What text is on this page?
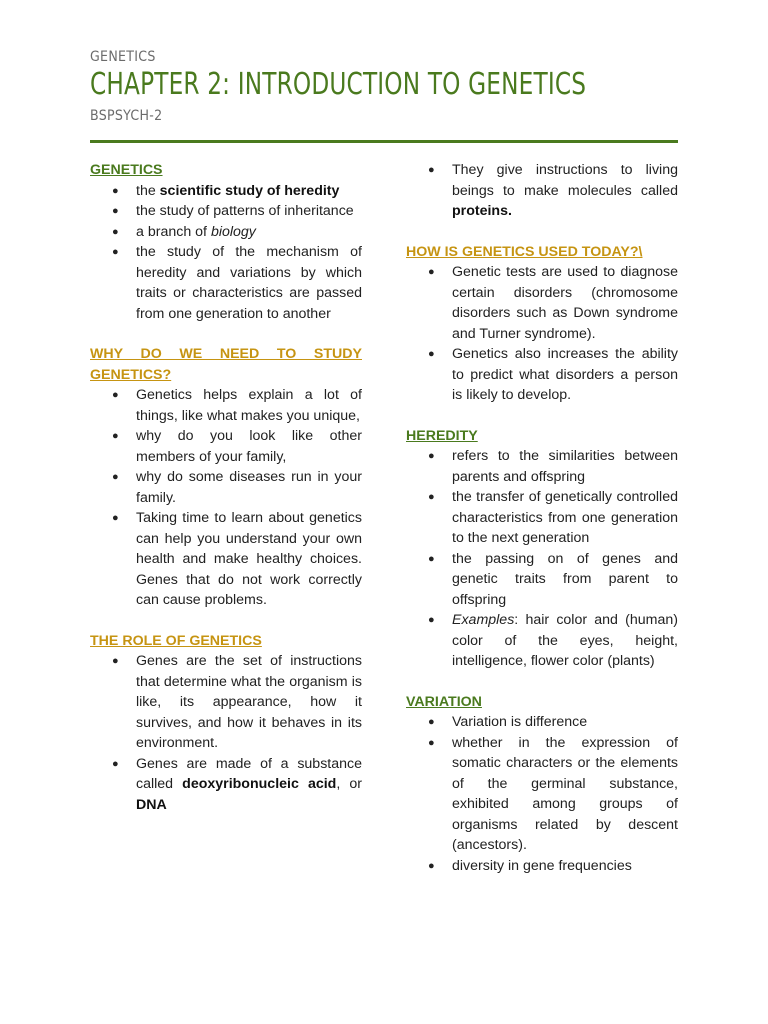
GENETICS
CHAPTER 2: INTRODUCTION TO GENETICS
BSPSYCH-2
GENETICS
● the scientific study of heredity
● the study of patterns of inheritance
● a branch of biology
● the study of the mechanism of heredity and variations by which traits or characteristics are passed from one generation to another
WHY DO WE NEED TO STUDY GENETICS?
● Genetics helps explain a lot of things, like what makes you unique,
● why do you look like other members of your family,
● why do some diseases run in your family.
● Taking time to learn about genetics can help you understand your own health and make healthy choices. Genes that do not work correctly can cause problems.
THE ROLE OF GENETICS
● Genes are the set of instructions that determine what the organism is like, its appearance, how it survives, and how it behaves in its environment.
● Genes are made of a substance called deoxyribonucleic acid, or DNA
● They give instructions to living beings to make molecules called proteins.
HOW IS GENETICS USED TODAY?\
● Genetic tests are used to diagnose certain disorders (chromosome disorders such as Down syndrome and Turner syndrome).
● Genetics also increases the ability to predict what disorders a person is likely to develop.
HEREDITY
● refers to the similarities between parents and offspring
● the transfer of genetically controlled characteristics from one generation to the next generation
● the passing on of genes and genetic traits from parent to offspring
● Examples: hair color and (human) color of the eyes, height, intelligence, flower color (plants)
VARIATION
● Variation is difference
● whether in the expression of somatic characters or the elements of the germinal substance, exhibited among groups of organisms related by descent (ancestors).
● diversity in gene frequencies
